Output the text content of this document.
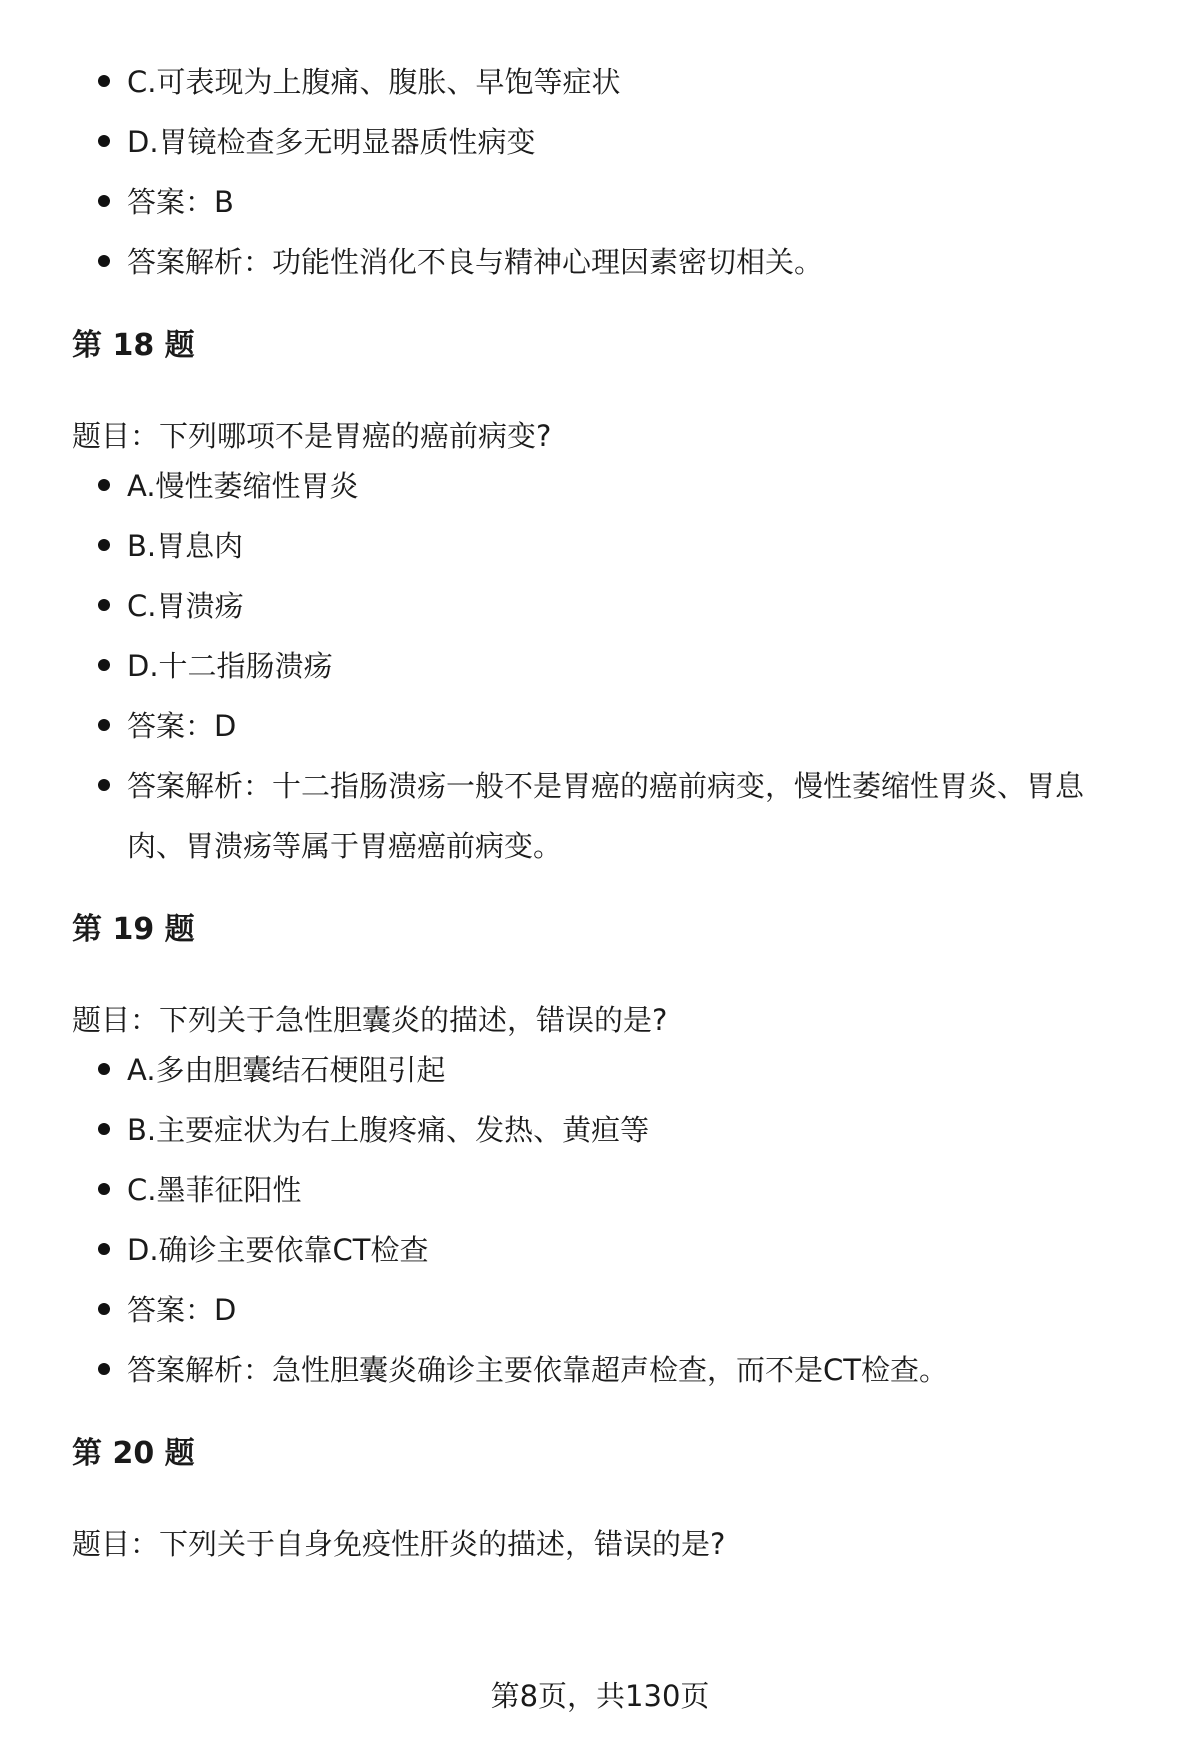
C.可表现为上腹痛、腹胀、早饱等症状
D.胃镜检查多无明显器质性病变
答案：B
答案解析：功能性消化不良与精神心理因素密切相关。
第 18 题

题目：下列哪项不是胃癌的癌前病变?

A.慢性萎缩性胃炎
B.胃息肉
C.胃溃疡
D.十二指肠溃疡
答案：D
答案解析：十二指肠溃疡一般不是胃癌的癌前病变，慢性萎缩性胃炎、胃息肉、胃溃疡等属于胃癌癌前病变。
第 19 题

题目：下列关于急性胆囊炎的描述，错误的是?

A.多由胆囊结石梗阻引起
B.主要症状为右上腹疼痛、发热、黄疸等
C.墨菲征阳性
D.确诊主要依靠CT检查
答案：D
答案解析：急性胆囊炎确诊主要依靠超声检查，而不是CT检查。
第 20 题

题目：下列关于自身免疫性肝炎的描述，错误的是?

第8页，共130页
